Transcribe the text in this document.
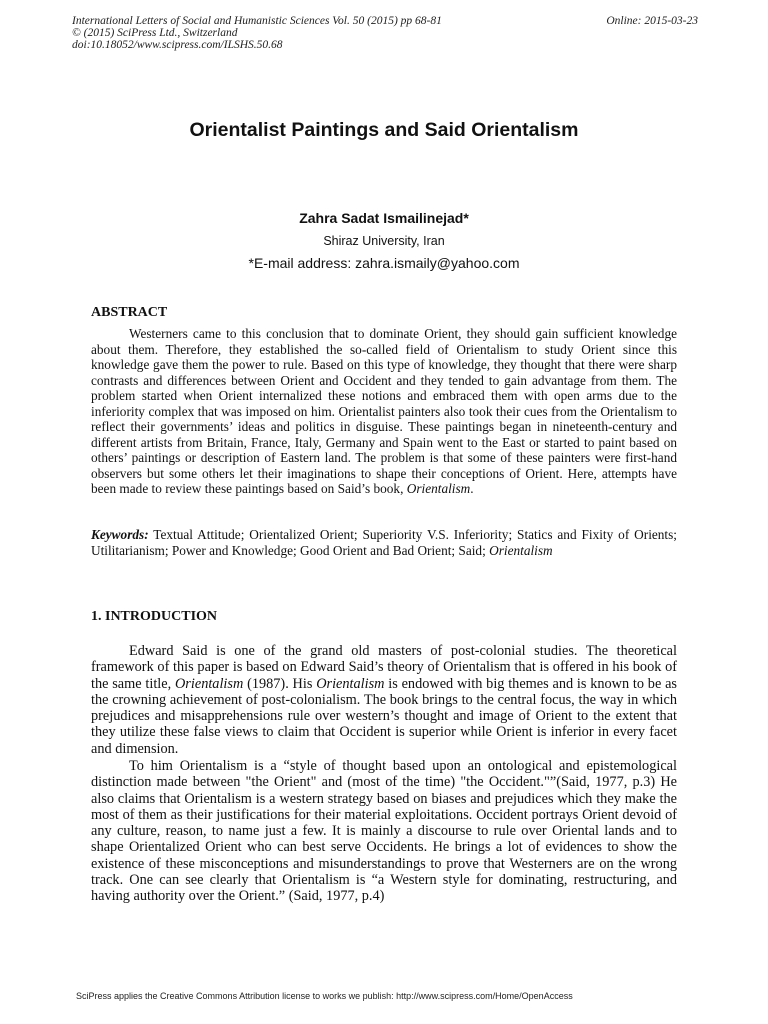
International Letters of Social and Humanistic Sciences Vol. 50 (2015) pp 68-81	Online: 2015-03-23
© (2015) SciPress Ltd., Switzerland
doi:10.18052/www.scipress.com/ILSHS.50.68
Orientalist Paintings and Said Orientalism
Zahra Sadat Ismailinejad*
Shiraz University, Iran
*E-mail address: zahra.ismaily@yahoo.com
ABSTRACT

Westerners came to this conclusion that to dominate Orient, they should gain sufficient knowledge about them. Therefore, they established the so-called field of Orientalism to study Orient since this knowledge gave them the power to rule. Based on this type of knowledge, they thought that there were sharp contrasts and differences between Orient and Occident and they tended to gain advantage from them. The problem started when Orient internalized these notions and embraced them with open arms due to the inferiority complex that was imposed on him. Orientalist painters also took their cues from the Orientalism to reflect their governments’ ideas and politics in disguise. These paintings began in nineteenth-century and different artists from Britain, France, Italy, Germany and Spain went to the East or started to paint based on others’ paintings or description of Eastern land. The problem is that some of these painters were first-hand observers but some others let their imaginations to shape their conceptions of Orient. Here, attempts have been made to review these paintings based on Said’s book, Orientalism.

Keywords: Textual Attitude; Orientalized Orient; Superiority V.S. Inferiority; Statics and Fixity of Orients; Utilitarianism; Power and Knowledge; Good Orient and Bad Orient; Said; Orientalism

1. INTRODUCTION

Edward Said is one of the grand old masters of post-colonial studies. The theoretical framework of this paper is based on Edward Said’s theory of Orientalism that is offered in his book of the same title, Orientalism (1987). His Orientalism is endowed with big themes and is known to be as the crowning achievement of post-colonialism. The book brings to the central focus, the way in which prejudices and misapprehensions rule over western’s thought and image of Orient to the extent that they utilize these false views to claim that Occident is superior while Orient is inferior in every facet and dimension.

To him Orientalism is a “style of thought based upon an ontological and epistemological distinction made between "the Orient" and (most of the time) "the Occident."”(Said, 1977, p.3) He also claims that Orientalism is a western strategy based on biases and prejudices which they make the most of them as their justifications for their material exploitations. Occident portrays Orient devoid of any culture, reason, to name just a few. It is mainly a discourse to rule over Oriental lands and to shape Orientalized Orient who can best serve Occidents. He brings a lot of evidences to show the existence of these misconceptions and misunderstandings to prove that Westerners are on the wrong track. One can see clearly that Orientalism is “a Western style for dominating, restructuring, and having authority over the Orient.” (Said, 1977, p.4)

SciPress applies the Creative Commons Attribution license to works we publish: http://www.scipress.com/Home/OpenAccess
